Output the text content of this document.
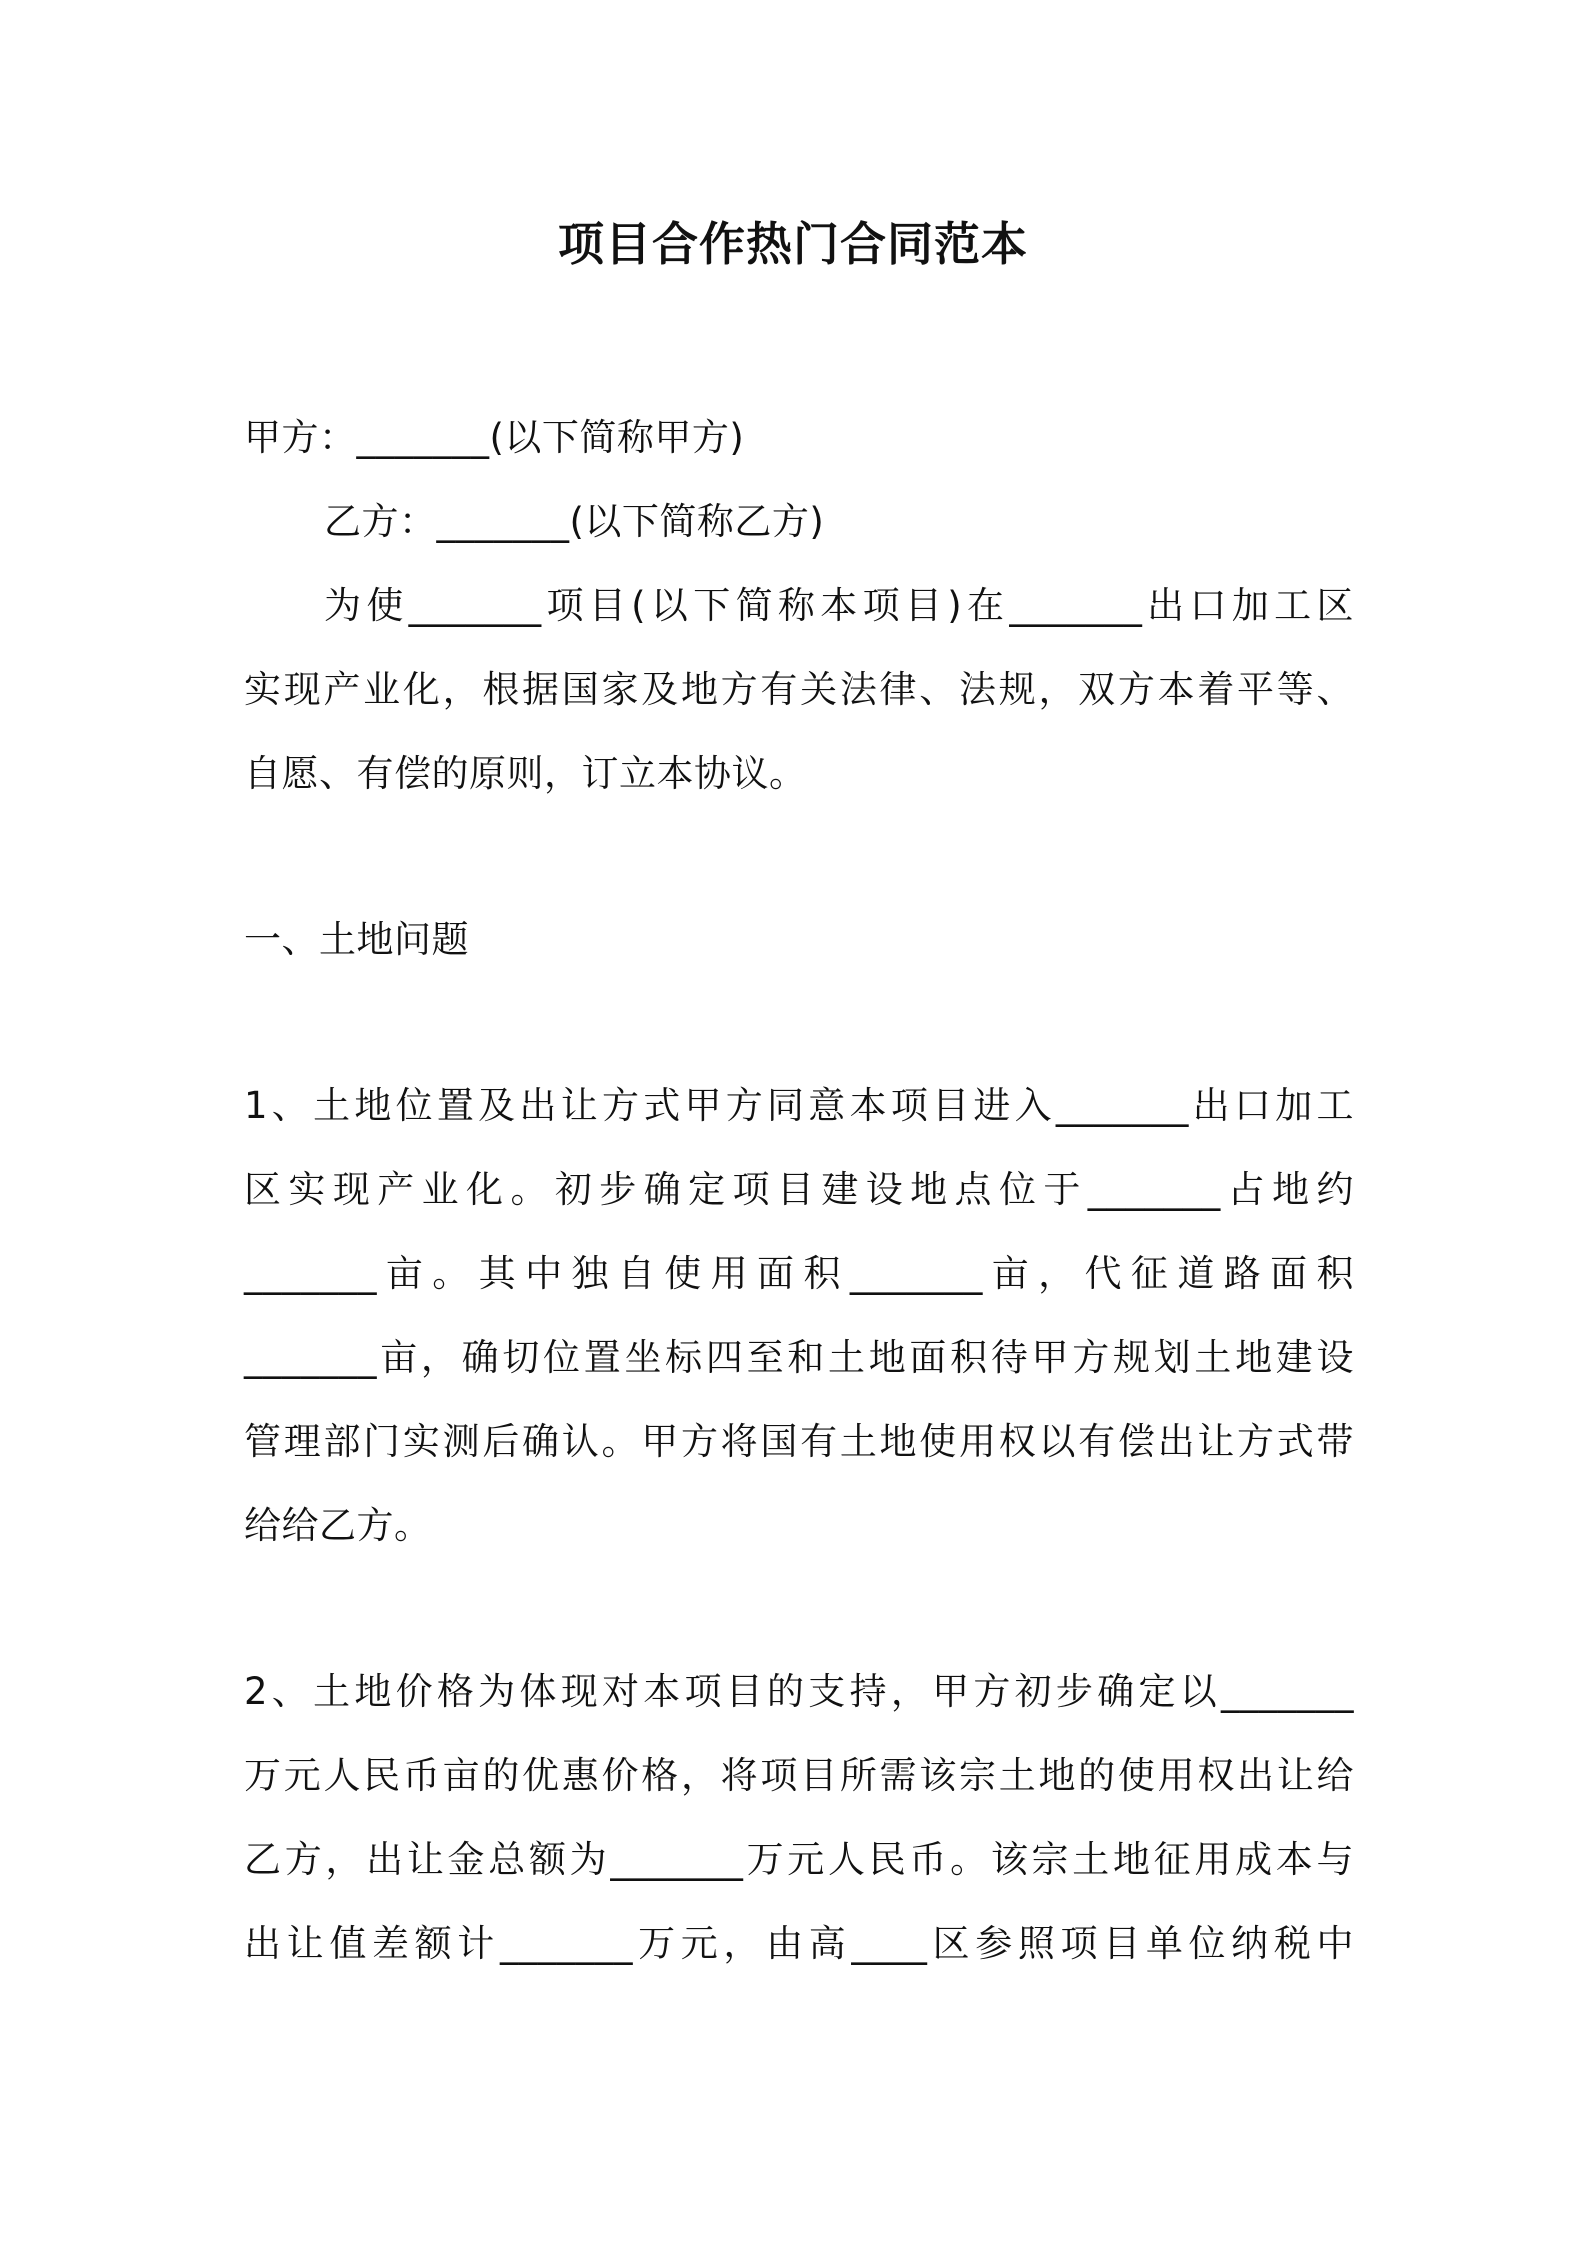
项目合作热门合同范本
甲方：_______(以下简称甲方)
乙方：_______(以下简称乙方)
为使_______项目(以下简称本项目)在_______出口加工区
实现产业化，根据国家及地方有关法律、法规，双方本着平等、
自愿、有偿的原则，订立本协议。
一、土地问题
1、土地位置及出让方式甲方同意本项目进入_______出口加工
区实现产业化。初步确定项目建设地点位于_______占地约
_______亩。其中独自使用面积_______亩，代征道路面积
_______亩，确切位置坐标四至和土地面积待甲方规划土地建设
管理部门实测后确认。甲方将国有土地使用权以有偿出让方式带
给给乙方。
2、土地价格为体现对本项目的支持，甲方初步确定以_______
万元人民币亩的优惠价格，将项目所需该宗土地的使用权出让给
乙方，出让金总额为_______万元人民币。该宗土地征用成本与
出让值差额计_______万元，由高____区参照项目单位纳税中
